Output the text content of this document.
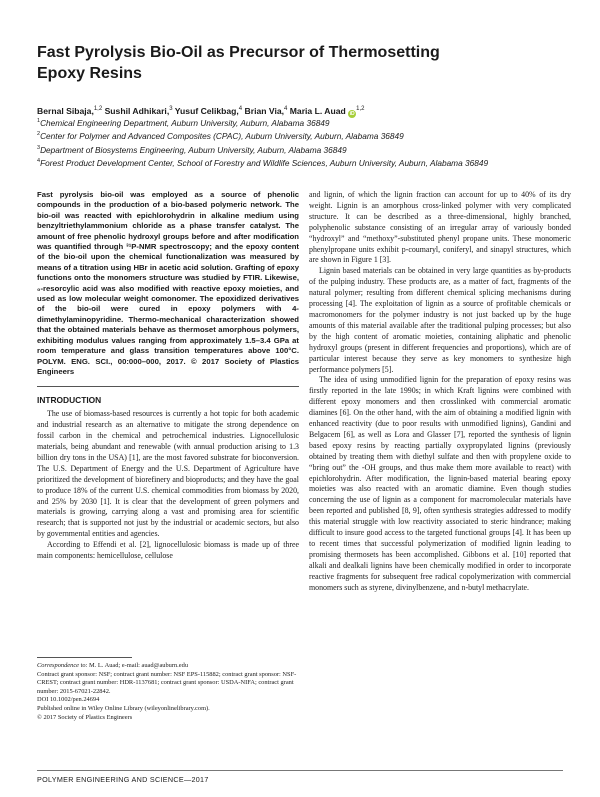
Fast Pyrolysis Bio-Oil as Precursor of Thermosetting Epoxy Resins
Bernal Sibaja,$^{1,2}$ Sushil Adhikari,$^3$ Yusuf Celikbag,$^4$ Brian Via,$^4$ Maria L. Auad iD$^{1,2}$
$^1$Chemical Engineering Department, Auburn University, Auburn, Alabama 36849
$^2$Center for Polymer and Advanced Composites (CPAC), Auburn University, Auburn, Alabama 36849
$^3$Department of Biosystems Engineering, Auburn University, Auburn, Alabama 36849
$^4$Forest Product Development Center, School of Forestry and Wildlife Sciences, Auburn University, Auburn, Alabama 36849

Fast pyrolysis bio-oil was employed as a source of phenolic compounds in the production of a bio-based polymeric network. The bio-oil was reacted with epichlorohydrin in alkaline medium using benzyltriethylammonium chloride as a phase transfer catalyst. The amount of free phenolic hydroxyl groups before and after modification was quantified through ³¹P-NMR spectroscopy; and the epoxy content of the bio-oil upon the chemical functionalization was measured by means of a titration using HBr in acetic acid solution. Grafting of epoxy functions onto the monomers structure was studied by FTIR. Likewise, ₀-resorcylic acid was also modified with reactive epoxy moieties, and used as low molecular weight comonomer. The epoxidized derivatives of the bio-oil were cured in epoxy polymers with 4-dimethylaminopyridine. Thermo-mechanical characterization showed that the obtained materials behave as thermoset amorphous polymers, exhibiting modulus values ranging from approximately 1.5–3.4 GPa at room temperature and glass transition temperatures above 100°C. POLYM. ENG. SCI., 00:000–000, 2017. © 2017 Society of Plastics Engineers

INTRODUCTION

The use of biomass-based resources is currently a hot topic for both academic and industrial research as an alternative to mitigate the strong dependence on fossil carbon in the chemical and petrochemical industries. Lignocellulosic materials, being abundant and renewable (with annual production arising to 1.3 billion dry tons in the USA) [1], are the most favored substrate for bioconversion. The U.S. Department of Energy and the U.S. Department of Agriculture have prioritized the development of biorefinery and bioproducts; and they have the goal to produce 18% of the current U.S. chemical commodities from biomass by 2020, and 25% by 2030 [1]. It is clear that the development of green polymers and materials is growing, carrying along a vast and promising area for scientific research; that is supported not just by the industrial or academic sectors, but also by governmental entities and agencies.

According to Effendi et al. [2], lignocellulosic biomass is made up of three main components: hemicellulose, cellulose

and lignin, of which the lignin fraction can account for up to 40% of its dry weight. Lignin is an amorphous cross-linked polymer with very complicated structure. It can be described as a three-dimensional, highly branched, polyphenolic substance consisting of an irregular array of variously bonded “hydroxyl” and “methoxy”-substituted phenyl propane units. These monomeric phenylpropane units exhibit p-coumaryl, coniferyl, and sinapyl structures, which are shown in Figure 1 [3].

Lignin based materials can be obtained in very large quantities as by-products of the pulping industry. These products are, as a matter of fact, fragments of the natural polymer; resulting from different chemical splicing mechanisms during processing [4]. The exploitation of lignin as a source of profitable chemicals or macromonomers for the polymer industry is not just backed up by the huge amounts of this material available after the traditional pulping processes; but also by the high content of aromatic moieties, containing aliphatic and phenolic hydroxyl groups (present in different frequencies and proportions), which are of particular interest because they serve as key monomers to synthesize high performance polymers [5].

The idea of using unmodified lignin for the preparation of epoxy resins was firstly reported in the late 1990s; in which Kraft lignins were combined with different epoxy monomers and then crosslinked with commercial aromatic diamines [6]. On the other hand, with the aim of obtaining a modified lignin with enhanced reactivity (due to poor results with unmodified lignins), Gandini and Belgacem [6], as well as Lora and Glasser [7], reported the synthesis of lignin based epoxy resins by reacting partially oxypropylated lignins (previously obtained by treating them with diethyl sulfate and then with propylene oxide to “bring out” the -OH groups, and thus make them more available to react) with epichlorohydrin. After modification, the lignin-based material bearing epoxy moieties was also reacted with an aromatic diamine. Even though studies concerning the use of lignin as a component for macromolecular materials have been reported and published [8, 9], often synthesis strategies addressed to modify this material struggle with low reactivity associated to steric hindrance; making difficult to insure good access to the targeted functional groups [4]. It has been up to recent times that successful polymerization of modified lignin leading to promising thermosets has been accomplished. Gibbons et al. [10] reported that alkali and dealkali lignins have been chemically modified in order to incorporate reactive fragments for subsequent free radical copolymerization with commercial monomers such as styrene, divinylbenzene, and n-butyl methacrylate.

Correspondence to: M. L. Auad; e-mail: auad@auburn.edu
Contract grant sponsor: NSF; contract grant number: NSF EPS-115882; contract grant sponsor: NSF-CREST; contract grant number: HDR-1137681; contract grant sponsor: USDA-NIFA; contract grant number: 2015-67021-22842.
DOI 10.1002/pen.24694
Published online in Wiley Online Library (wileyonlinelibrary.com).
© 2017 Society of Plastics Engineers
POLYMER ENGINEERING AND SCIENCE—2017
